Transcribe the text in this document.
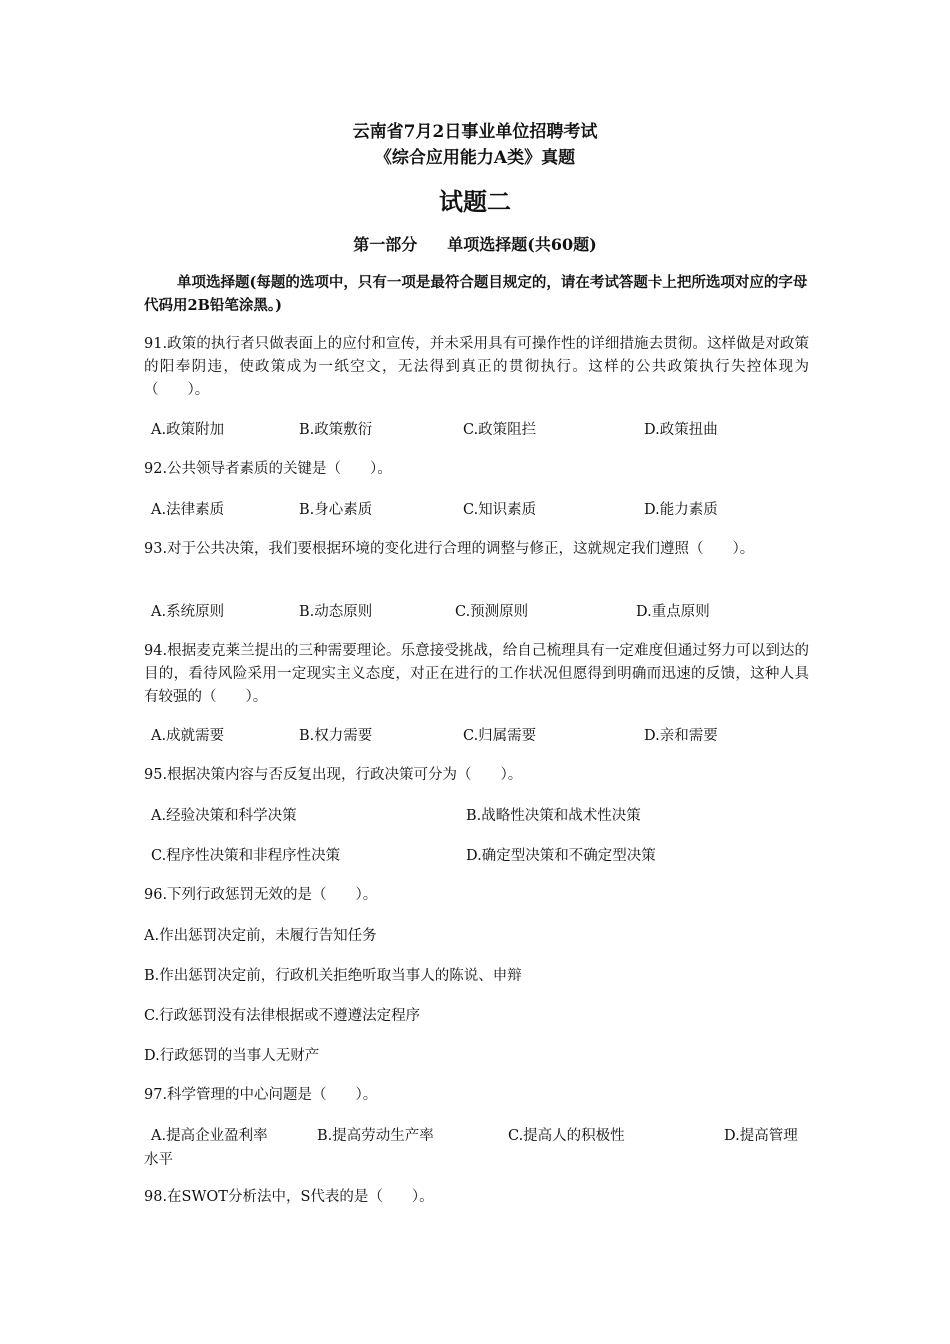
云南省7月2日事业单位招聘考试
《综合应用能力A类》真题
试题二
第一部分 单项选择题(共60题)
单项选择题(每题的选项中，只有一项是最符合题目规定的，请在考试答题卡上把所选项对应的字母代码用2B铅笔涂黑。)
91.政策的执行者只做表面上的应付和宣传，并未采用具有可操作性的详细措施去贯彻。这样做是对政策的阳奉阴违，使政策成为一纸空文，无法得到真正的贯彻执行。这样的公共政策执行失控体现为（　　）。
A.政策附加	B.政策敷衍	C.政策阻拦	D.政策扭曲
92.公共领导者素质的关键是（　　）。
A.法律素质	B.身心素质	C.知识素质	D.能力素质
93.对于公共决策，我们要根据环境的变化进行合理的调整与修正，这就规定我们遵照（　　）。
A.系统原则	B.动态原则	C.预测原则	D.重点原则
94.根据麦克莱兰提出的三种需要理论。乐意接受挑战，给自己梳理具有一定难度但通过努力可以到达的目的，看待风险采用一定现实主义态度，对正在进行的工作状况但愿得到明确而迅速的反馈，这种人具有较强的（　　）。
A.成就需要	B.权力需要	C.归属需要	D.亲和需要
95.根据决策内容与否反复出现，行政决策可分为（　　）。
A.经验决策和科学决策	B.战略性决策和战术性决策
C.程序性决策和非程序性决策	D.确定型决策和不确定型决策
96.下列行政惩罚无效的是（　　）。
A.作出惩罚决定前，未履行告知任务
B.作出惩罚决定前，行政机关拒绝听取当事人的陈说、申辩
C.行政惩罚没有法律根据或不遵遵法定程序
D.行政惩罚的当事人无财产
97.科学管理的中心问题是（　　）。
A.提高企业盈利率	B.提高劳动生产率	C.提高人的积极性	D.提高管理
水平
98.在SWOT分析法中，S代表的是（　　）。
